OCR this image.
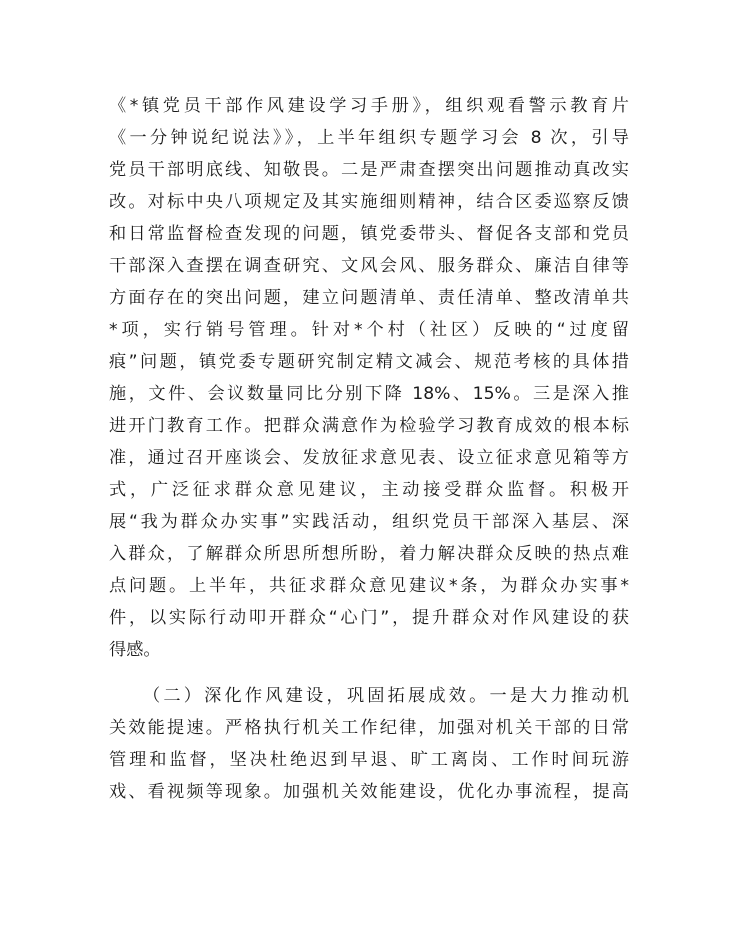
《*镇党员干部作风建设学习手册》，组织观看警示教育片
《一分钟说纪说法》》，上半年组织专题学习会 8 次，引导
党员干部明底线、知敬畏。二是严肃查摆突出问题推动真改实
改。对标中央八项规定及其实施细则精神，结合区委巡察反馈
和日常监督检查发现的问题，镇党委带头、督促各支部和党员
干部深入查摆在调查研究、文风会风、服务群众、廉洁自律等
方面存在的突出问题，建立问题清单、责任清单、整改清单共
*项，实行销号管理。针对*个村（社区）反映的“过度留
痕”问题，镇党委专题研究制定精文减会、规范考核的具体措
施，文件、会议数量同比分别下降 18%、15%。三是深入推
进开门教育工作。把群众满意作为检验学习教育成效的根本标
准，通过召开座谈会、发放征求意见表、设立征求意见箱等方
式，广泛征求群众意见建议，主动接受群众监督。积极开
展“我为群众办实事”实践活动，组织党员干部深入基层、深
入群众，了解群众所思所想所盼，着力解决群众反映的热点难
点问题。上半年，共征求群众意见建议*条，为群众办实事*
件，以实际行动叩开群众“心门”，提升群众对作风建设的获
得感。
（二）深化作风建设，巩固拓展成效。一是大力推动机
关效能提速。严格执行机关工作纪律，加强对机关干部的日常
管理和监督，坚决杜绝迟到早退、旷工离岗、工作时间玩游
戏、看视频等现象。加强机关效能建设，优化办事流程，提高
